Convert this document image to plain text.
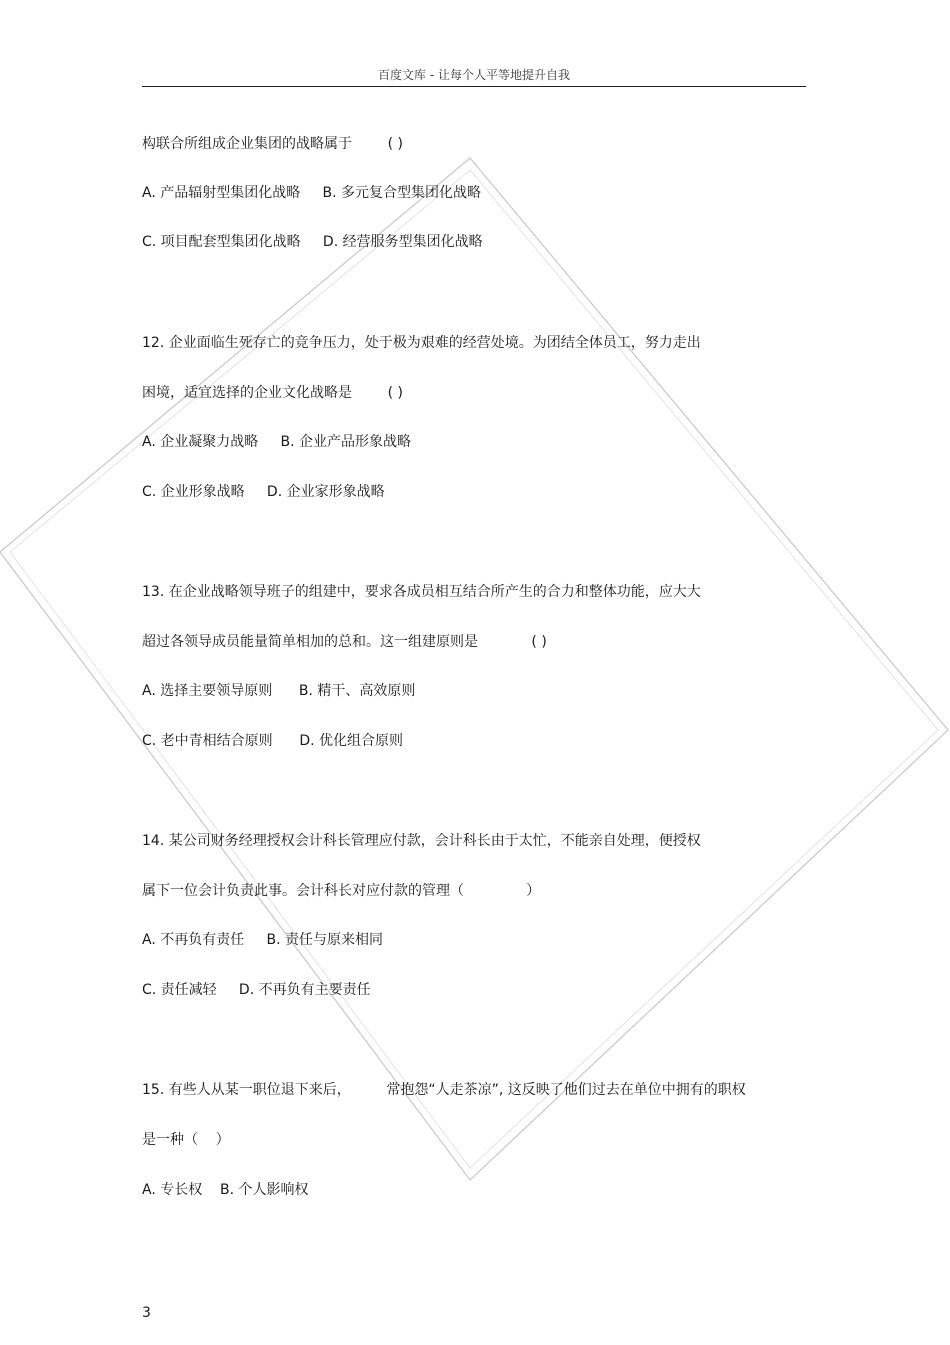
百度文库 - 让每个人平等地提升自我
构联合所组成企业集团的战略属于        ( )
A. 产品辐射型集团化战略     B. 多元复合型集团化战略
C. 项目配套型集团化战略     D. 经营服务型集团化战略
12. 企业面临生死存亡的竞争压力，处于极为艰难的经营处境。为团结全体员工，努力走出
困境，适宜选择的企业文化战略是        ( )
A. 企业凝聚力战略     B. 企业产品形象战略
C. 企业形象战略     D. 企业家形象战略
13. 在企业战略领导班子的组建中，要求各成员相互结合所产生的合力和整体功能，应大大
超过各领导成员能量简单相加的总和。这一组建原则是            ( )
A. 选择主要领导原则      B. 精干、高效原则
C. 老中青相结合原则      D. 优化组合原则
14. 某公司财务经理授权会计科长管理应付款，会计科长由于太忙，不能亲自处理，便授权
属下一位会计负责此事。会计科长对应付款的管理（              ）
A. 不再负有责任     B. 责任与原来相同
C. 责任减轻     D. 不再负有主要责任
15. 有些人从某一职位退下来后，        常抱怨“人走茶凉”, 这反映了他们过去在单位中拥有的职权
是一种（    ）
A. 专长权    B. 个人影响权
3
